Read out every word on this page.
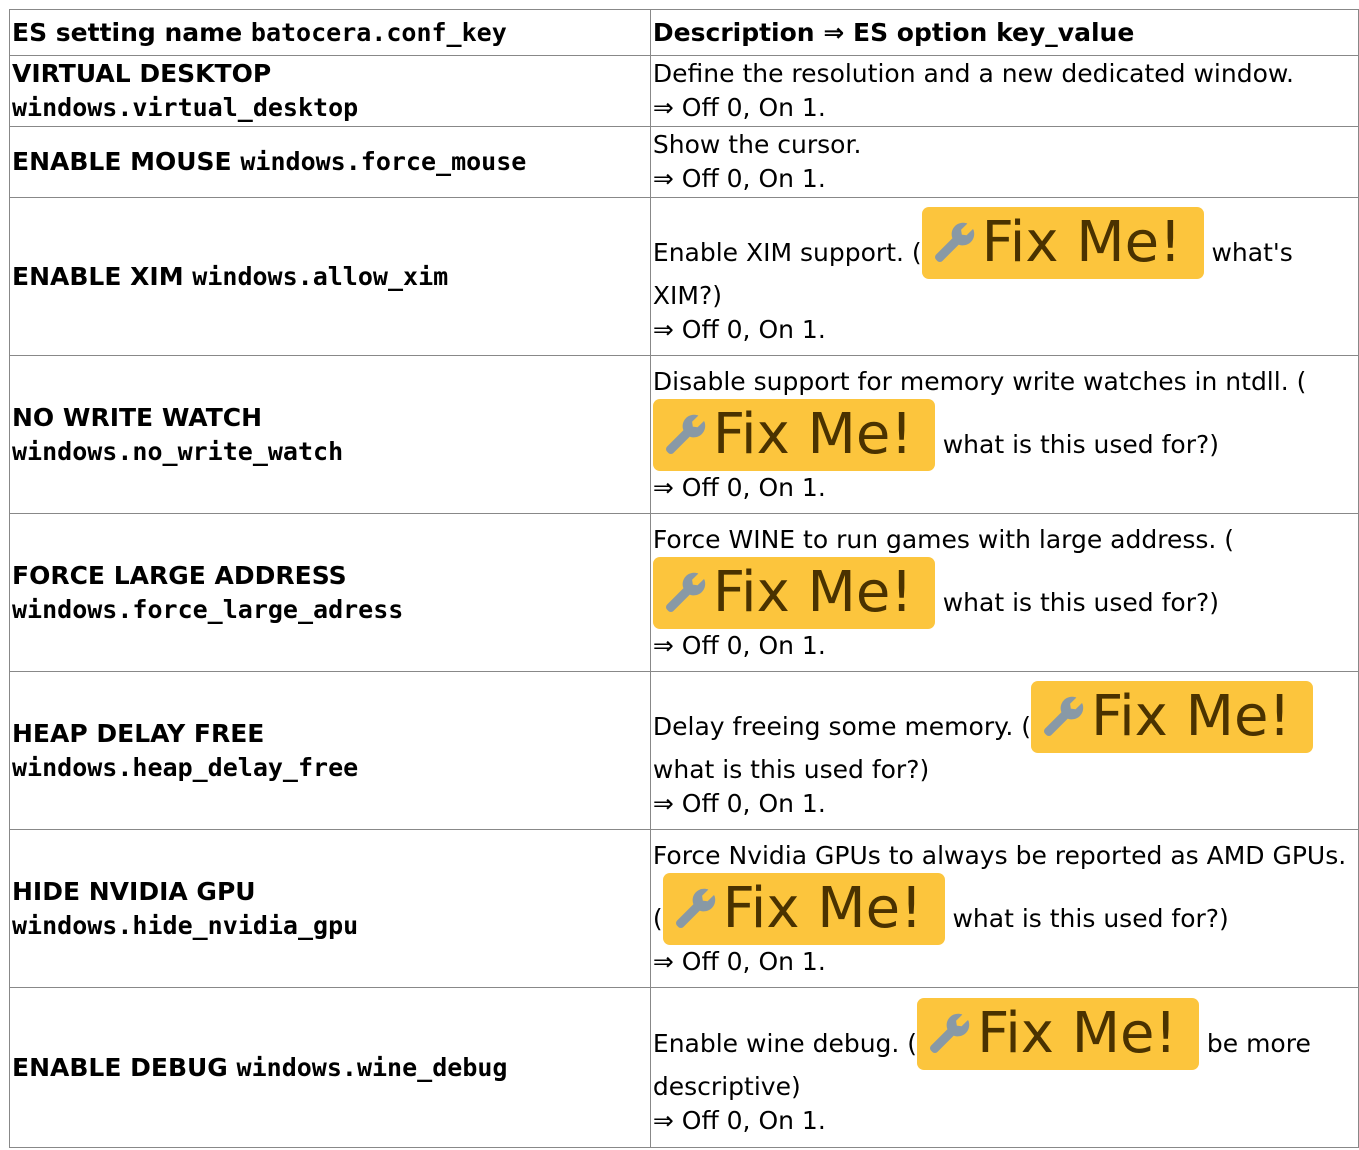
ES setting name batocera.conf_key	Description ⇒ ES option key_value
VIRTUAL DESKTOP
windows.virtual_desktop	Define the resolution and a new dedicated window.
⇒ Off 0, On 1.
ENABLE MOUSE windows.force_mouse	Show the cursor.
⇒ Off 0, On 1.
ENABLE XIM windows.allow_xim	Enable XIM support. ( Fix Me! what's XIM?)
⇒ Off 0, On 1.
NO WRITE WATCH
windows.no_write_watch	Disable support for memory write watches in ntdll. (Fix Me! what is this used for?)
⇒ Off 0, On 1.
FORCE LARGE ADDRESS
windows.force_large_adress	Force WINE to run games with large address. (Fix Me! what is this used for?)
⇒ Off 0, On 1.
HEAP DELAY FREE
windows.heap_delay_free	Delay freeing some memory. ( Fix Me! what is this used for?)
⇒ Off 0, On 1.
HIDE NVIDIA GPU
windows.hide_nvidia_gpu	Force Nvidia GPUs to always be reported as AMD GPUs. ( Fix Me! what is this used for?)
⇒ Off 0, On 1.
ENABLE DEBUG windows.wine_debug	Enable wine debug. ( Fix Me! be more descriptive)
⇒ Off 0, On 1.
